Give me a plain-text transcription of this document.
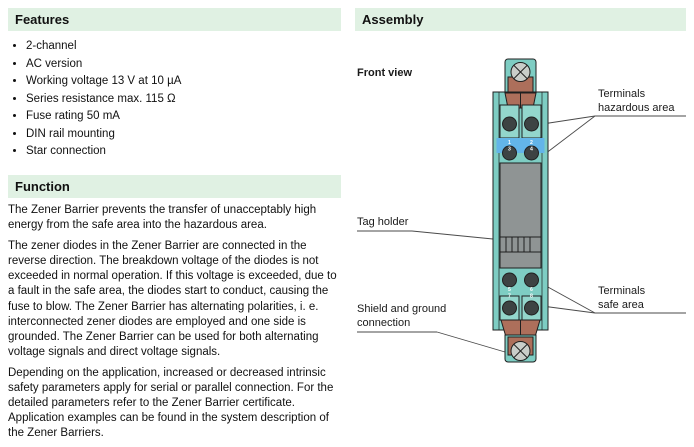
Features
• 2-channel
• AC version
• Working voltage 13 V at 10 µA
• Series resistance max. 115 Ω
• Fuse rating 50 mA
• DIN rail mounting
• Star connection
Function

The Zener Barrier prevents the transfer of unacceptably high energy from the safe area into the hazardous area.

The zener diodes in the Zener Barrier are connected in the reverse direction. The breakdown voltage of the diodes is not exceeded in normal operation. If this voltage is exceeded, due to a fault in the safe area, the diodes start to conduct, causing the fuse to blow. The Zener Barrier has alternating polarities, i. e. interconnected zener diodes are employed and one side is grounded. The Zener Barrier can be used for both alternating voltage signals and direct voltage signals.

Depending on the application, increased or decreased intrinsic safety parameters apply for serial or parallel connection. For the detailed parameters refer to the Zener Barrier certificate. Application examples can be found in the system description of the Zener Barriers.

Assembly
1
3
2
4
5
7
6
8
Front view
Terminals
hazardous area
Tag holder
Terminals
safe area
Shield and ground
connection
